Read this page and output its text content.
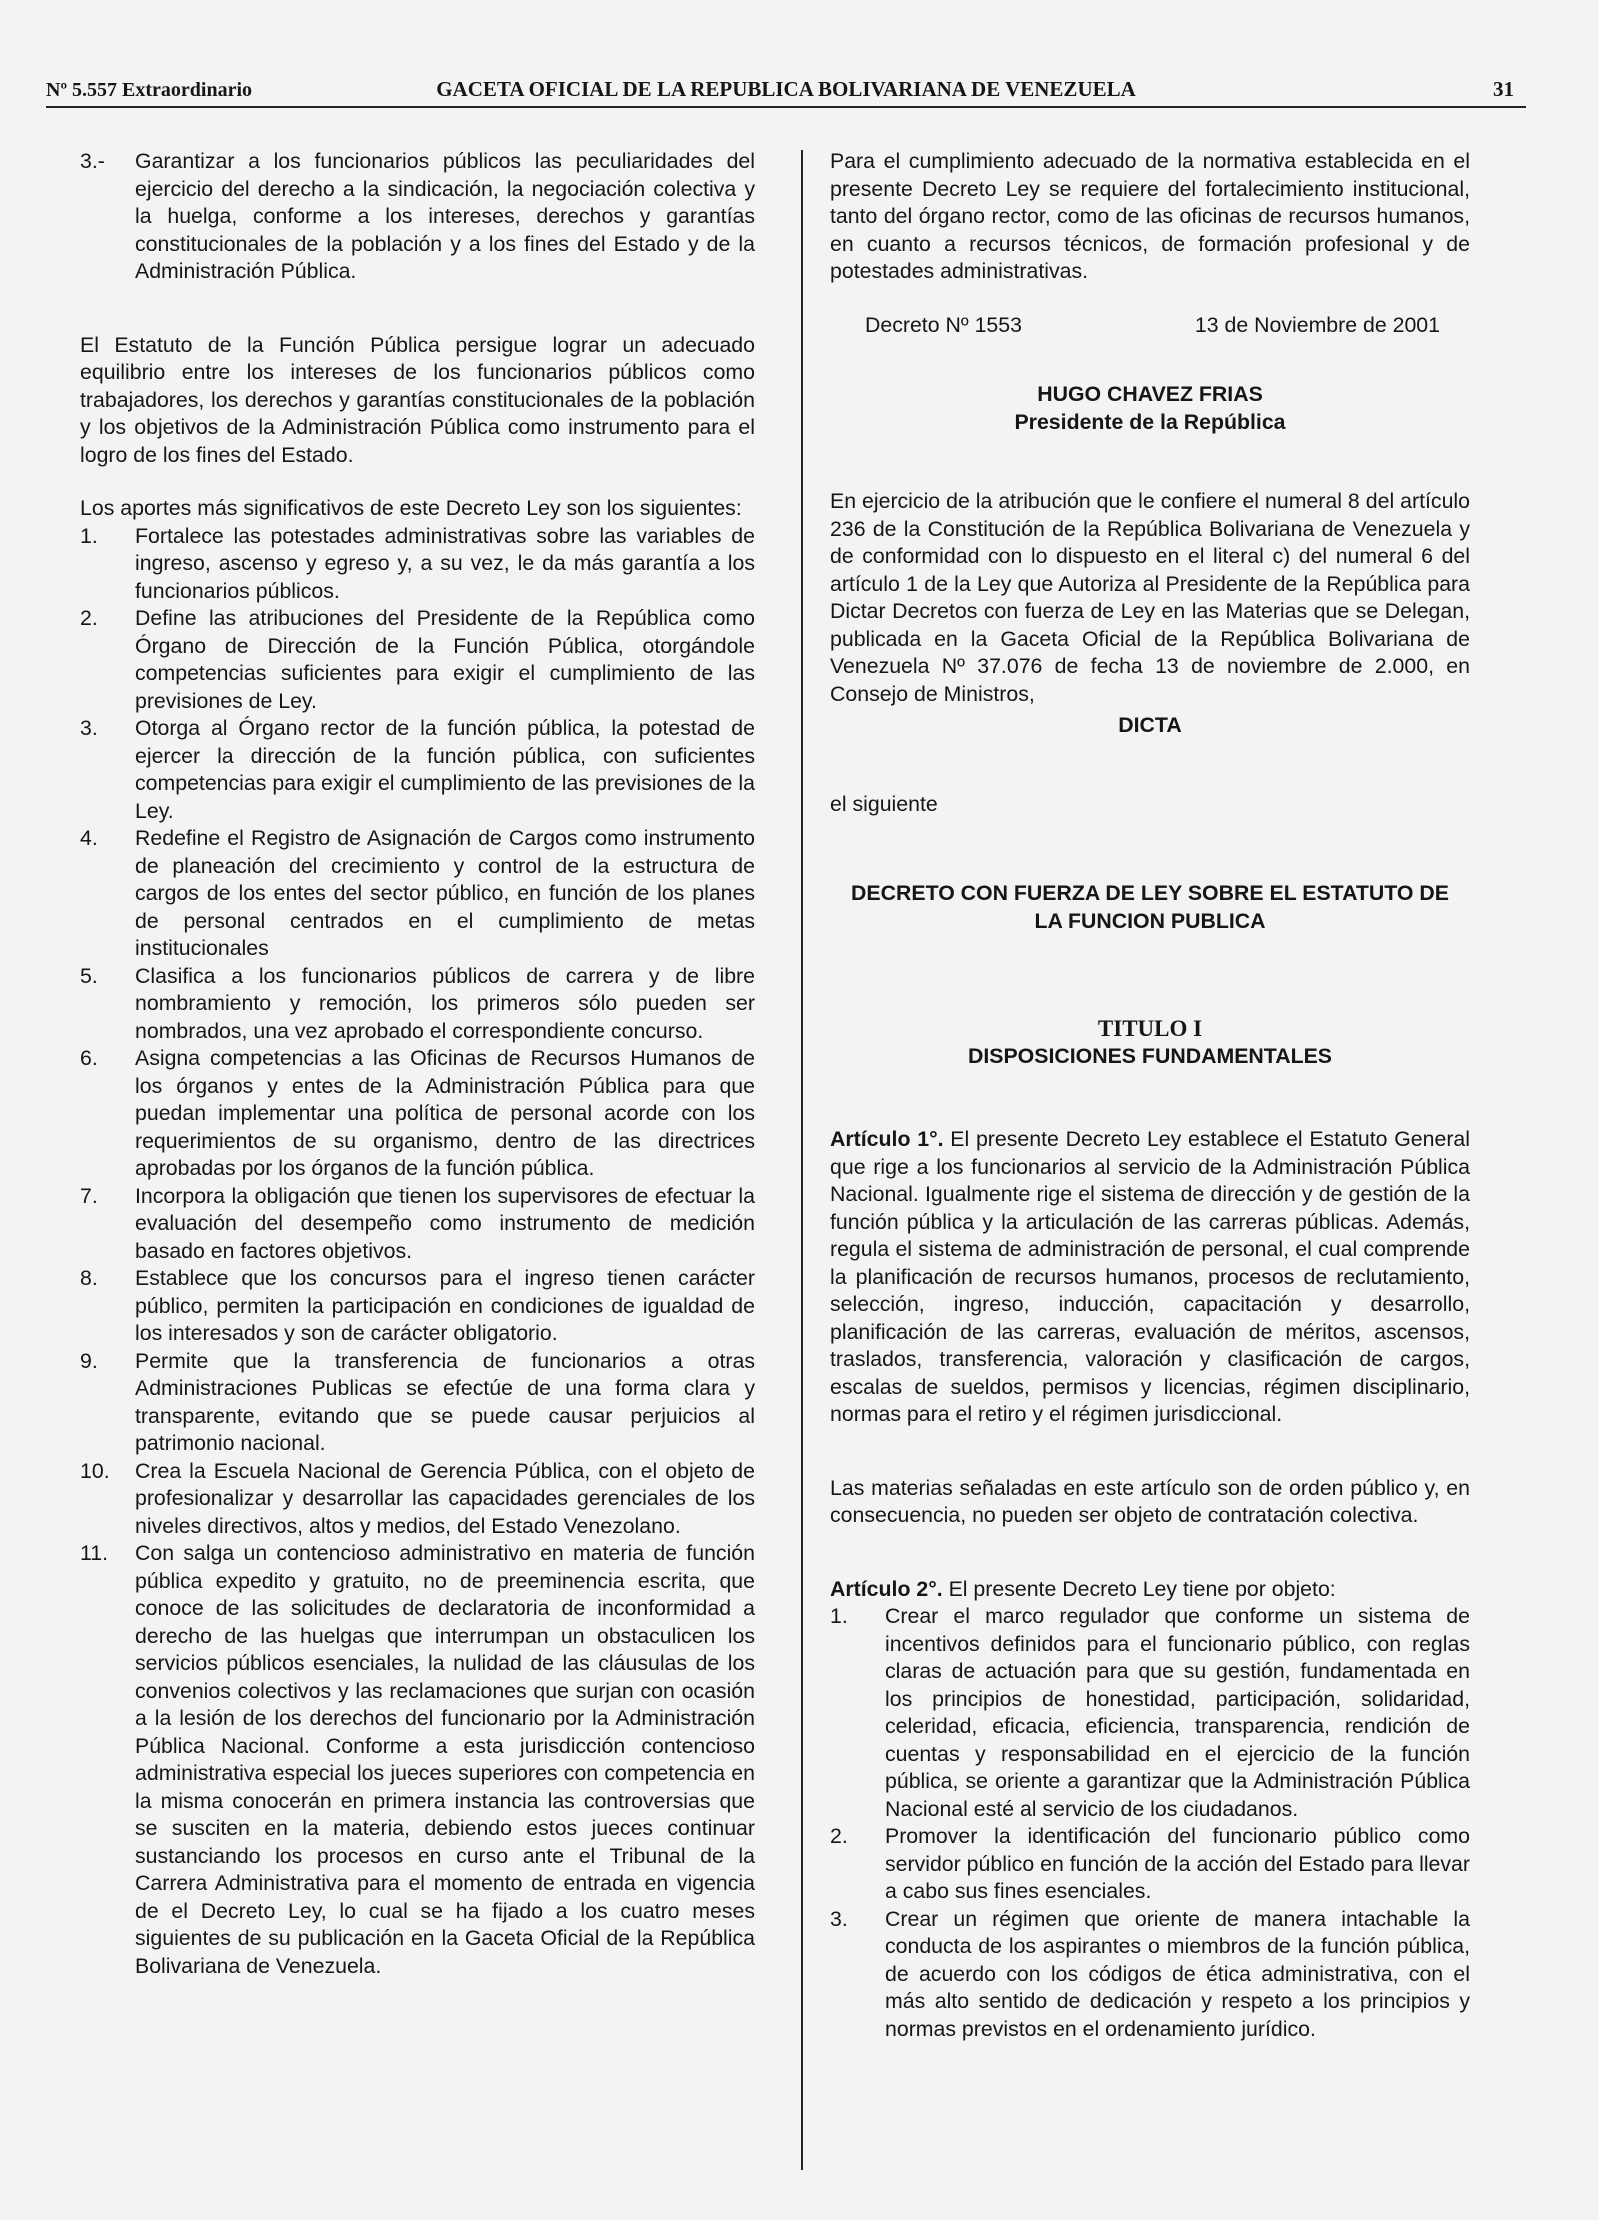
Nº 5.557 Extraordinario	GACETA OFICIAL DE LA REPUBLICA BOLIVARIANA DE VENEZUELA	31
3.- Garantizar a los funcionarios públicos las peculiaridades del ejercicio del derecho a la sindicación, la negociación colectiva y la huelga, conforme a los intereses, derechos y garantías constitucionales de la población y a los fines del Estado y de la Administración Pública.

El Estatuto de la Función Pública persigue lograr un adecuado equilibrio entre los intereses de los funcionarios públicos como trabajadores, los derechos y garantías constitucionales de la población y los objetivos de la Administración Pública como instrumento para el logro de los fines del Estado.

Los aportes más significativos de este Decreto Ley son los siguientes:

1. Fortalece las potestades administrativas sobre las variables de ingreso, ascenso y egreso y, a su vez, le da más garantía a los funcionarios públicos.
2. Define las atribuciones del Presidente de la República como Órgano de Dirección de la Función Pública, otorgándole competencias suficientes para exigir el cumplimiento de las previsiones de Ley.
3. Otorga al Órgano rector de la función pública, la potestad de ejercer la dirección de la función pública, con suficientes competencias para exigir el cumplimiento de las previsiones de la Ley.
4. Redefine el Registro de Asignación de Cargos como instrumento de planeación del crecimiento y control de la estructura de cargos de los entes del sector público, en función de los planes de personal centrados en el cumplimiento de metas institucionales
5. Clasifica a los funcionarios públicos de carrera y de libre nombramiento y remoción, los primeros sólo pueden ser nombrados, una vez aprobado el correspondiente concurso.
6. Asigna competencias a las Oficinas de Recursos Humanos de los órganos y entes de la Administración Pública para que puedan implementar una política de personal acorde con los requerimientos de su organismo, dentro de las directrices aprobadas por los órganos de la función pública.
7. Incorpora la obligación que tienen los supervisores de efectuar la evaluación del desempeño como instrumento de medición basado en factores objetivos.
8. Establece que los concursos para el ingreso tienen carácter público, permiten la participación en condiciones de igualdad de los interesados y son de carácter obligatorio.
9. Permite que la transferencia de funcionarios a otras Administraciones Publicas se efectúe de una forma clara y transparente, evitando que se puede causar perjuicios al patrimonio nacional.
10. Crea la Escuela Nacional de Gerencia Pública, con el objeto de profesionalizar y desarrollar las capacidades gerenciales de los niveles directivos, altos y medios, del Estado Venezolano.
11. Con salga un contencioso administrativo en materia de función pública expedito y gratuito, no de preeminencia escrita, que conoce de las solicitudes de declaratoria de inconformidad a derecho de las huelgas que interrumpan un obstaculicen los servicios públicos esenciales, la nulidad de las cláusulas de los convenios colectivos y las reclamaciones que surjan con ocasión a la lesión de los derechos del funcionario por la Administración Pública Nacional. Conforme a esta jurisdicción contencioso administrativa especial los jueces superiores con competencia en la misma conocerán en primera instancia las controversias que se susciten en la materia, debiendo estos jueces continuar sustanciando los procesos en curso ante el Tribunal de la Carrera Administrativa para el momento de entrada en vigencia de el Decreto Ley, lo cual se ha fijado a los cuatro meses siguientes de su publicación en la Gaceta Oficial de la República Bolivariana de Venezuela.

Para el cumplimiento adecuado de la normativa establecida en el presente Decreto Ley se requiere del fortalecimiento institucional, tanto del órgano rector, como de las oficinas de recursos humanos, en cuanto a recursos técnicos, de formación profesional y de potestades administrativas.

Decreto Nº 1553	13 de Noviembre de 2001
HUGO CHAVEZ FRIAS
Presidente de la República

En ejercicio de la atribución que le confiere el numeral 8 del artículo 236 de la Constitución de la República Bolivariana de Venezuela y de conformidad con lo dispuesto en el literal c) del numeral 6 del artículo 1 de la Ley que Autoriza al Presidente de la República para Dictar Decretos con fuerza de Ley en las Materias que se Delegan, publicada en la Gaceta Oficial de la República Bolivariana de Venezuela Nº 37.076 de fecha 13 de noviembre de 2.000, en Consejo de Ministros,

DICTA

el siguiente

DECRETO CON FUERZA DE LEY SOBRE EL ESTATUTO DE
LA FUNCION PUBLICA
TITULO I
DISPOSICIONES FUNDAMENTALES

Artículo 1°. El presente Decreto Ley establece el Estatuto General que rige a los funcionarios al servicio de la Administración Pública Nacional. Igualmente rige el sistema de dirección y de gestión de la función pública y la articulación de las carreras públicas. Además, regula el sistema de administración de personal, el cual comprende la planificación de recursos humanos, procesos de reclutamiento, selección, ingreso, inducción, capacitación y desarrollo, planificación de las carreras, evaluación de méritos, ascensos, traslados, transferencia, valoración y clasificación de cargos, escalas de sueldos, permisos y licencias, régimen disciplinario, normas para el retiro y el régimen jurisdiccional.

Las materias señaladas en este artículo son de orden público y, en consecuencia, no pueden ser objeto de contratación colectiva.

Artículo 2°. El presente Decreto Ley tiene por objeto:

1. Crear el marco regulador que conforme un sistema de incentivos definidos para el funcionario público, con reglas claras de actuación para que su gestión, fundamentada en los principios de honestidad, participación, solidaridad, celeridad, eficacia, eficiencia, transparencia, rendición de cuentas y responsabilidad en el ejercicio de la función pública, se oriente a garantizar que la Administración Pública Nacional esté al servicio de los ciudadanos.
2. Promover la identificación del funcionario público como servidor público en función de la acción del Estado para llevar a cabo sus fines esenciales.
3. Crear un régimen que oriente de manera intachable la conducta de los aspirantes o miembros de la función pública, de acuerdo con los códigos de ética administrativa, con el más alto sentido de dedicación y respeto a los principios y normas previstos en el ordenamiento jurídico.
